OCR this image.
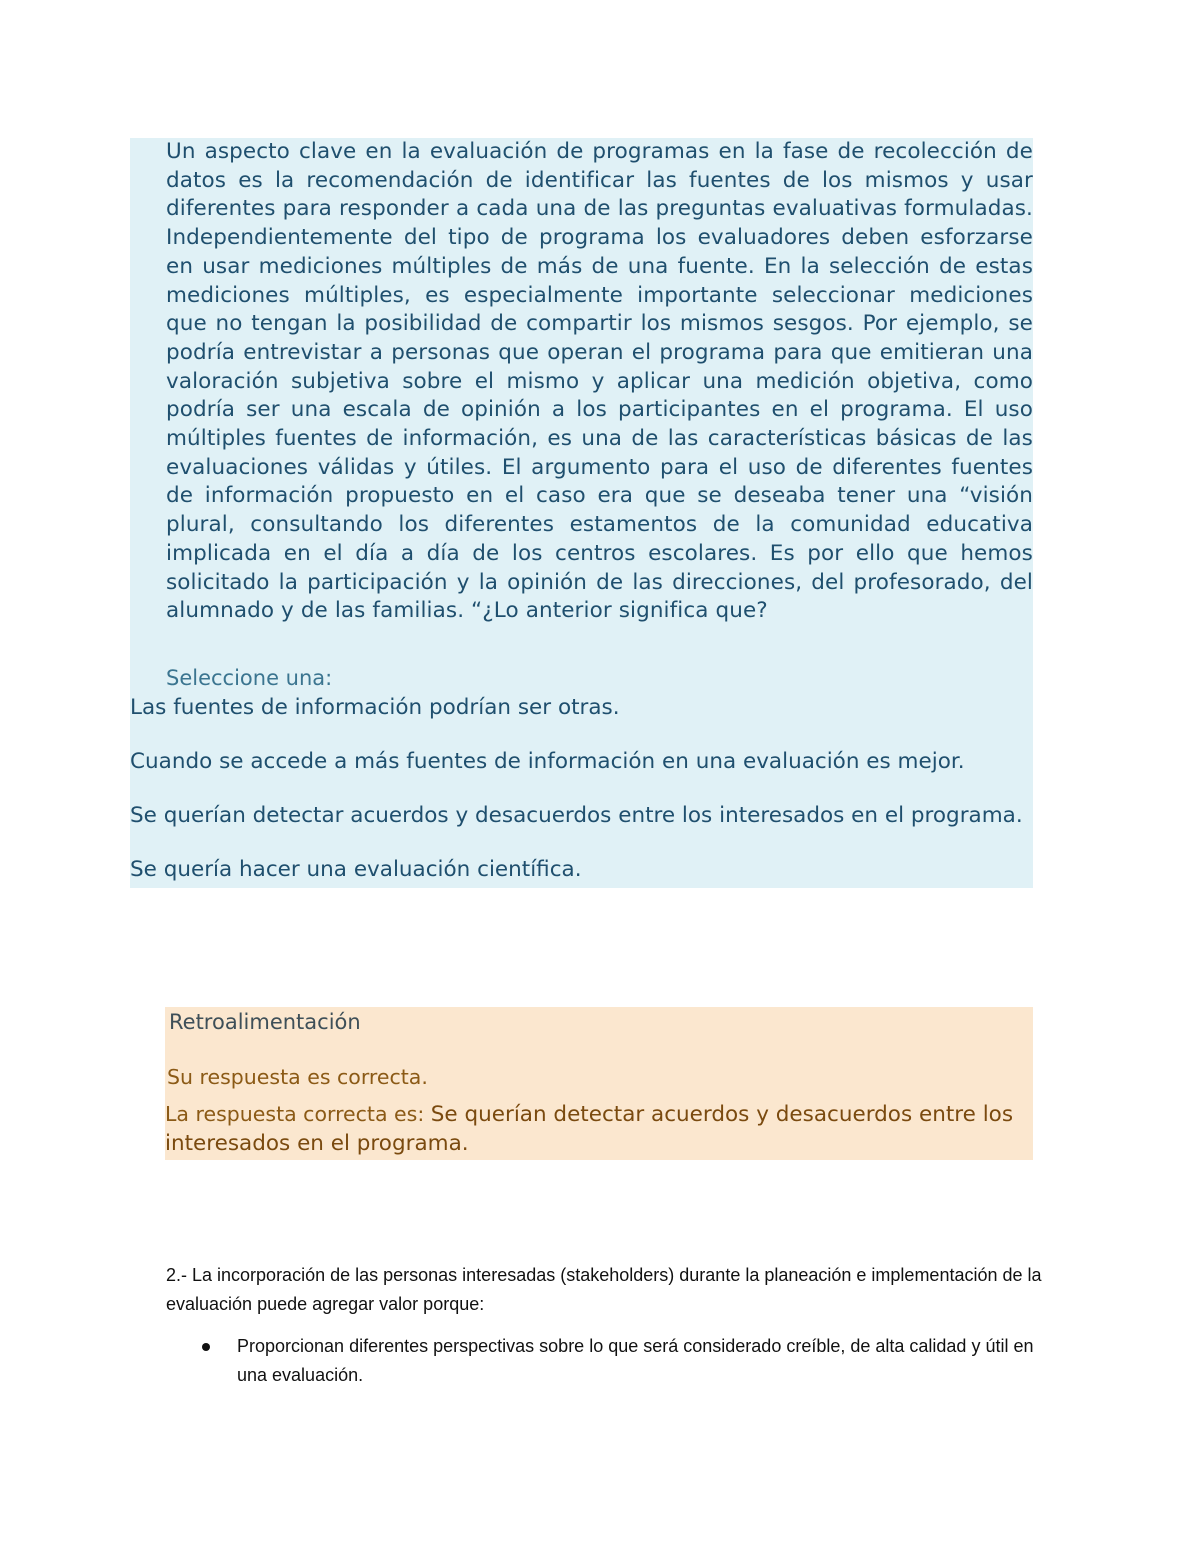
Un aspecto clave en la evaluación de programas en la fase de recolección de datos es la recomendación de identificar las fuentes de los mismos y usar diferentes para responder a cada una de las preguntas evaluativas formuladas. Independientemente del tipo de programa los evaluadores deben esforzarse en usar mediciones múltiples de más de una fuente. En la selección de estas mediciones múltiples, es especialmente importante seleccionar mediciones que no tengan la posibilidad de compartir los mismos sesgos. Por ejemplo, se podría entrevistar a personas que operan el programa para que emitieran una valoración subjetiva sobre el mismo y aplicar una medición objetiva, como podría ser una escala de opinión a los participantes en el programa. El uso múltiples fuentes de información, es una de las características básicas de las evaluaciones válidas y útiles. El argumento para el uso de diferentes fuentes de información propuesto en el caso era que se deseaba tener una “visión plural, consultando los diferentes estamentos de la comunidad educativa implicada en el día a día de los centros escolares. Es por ello que hemos solicitado la participación y la opinión de las direcciones, del profesorado, del alumnado y de las familias. “¿Lo anterior significa que?

Seleccione una:

Las fuentes de información podrían ser otras.
Cuando se accede a más fuentes de información en una evaluación es mejor.
Se querían detectar acuerdos y desacuerdos entre los interesados en el programa.
Se quería hacer una evaluación científica.
Retroalimentación
Su respuesta es correcta.
La respuesta correcta es: Se querían detectar acuerdos y desacuerdos entre los interesados en el programa.

2.- La incorporación de las personas interesadas (stakeholders) durante la planeación e implementación de la evaluación puede agregar valor porque:

Proporcionan diferentes perspectivas sobre lo que será considerado creíble, de alta calidad y útil en una evaluación.
